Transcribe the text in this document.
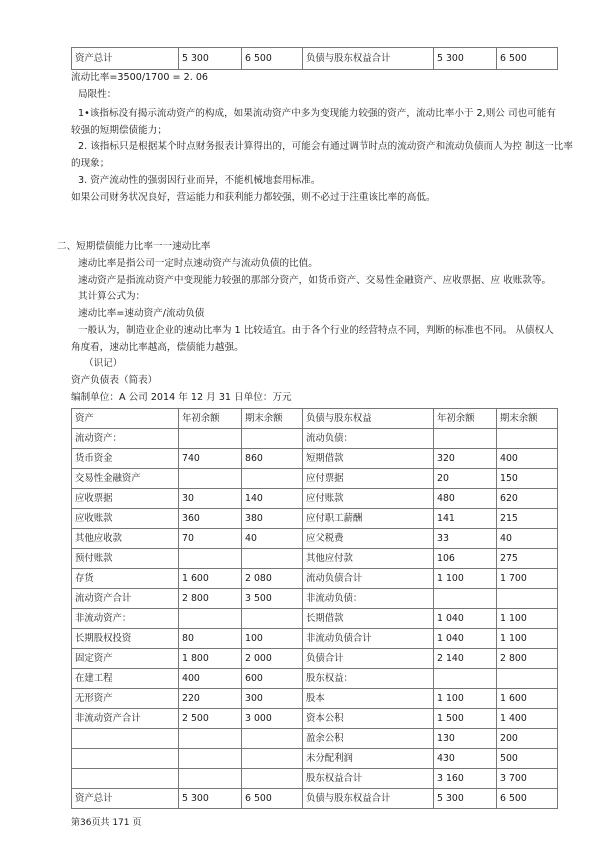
资产总计	5 300	6 500	负债与股东权益合计	5 300	6 500
流动比率=3500/1700 = 2. 06
局限性：
1•该指标没有揭示流动资产的构成，如果流动资产中多为变现能力较强的资产，流动比率小于 2,则公 司也可能有
较强的短期偿债能力；
2. 该指标只是根据某个时点财务报表计算得出的，可能会有通过调节时点的流动资产和流动负债而人为控 制这一比率
的现象；
3. 资产流动性的强弱因行业而异，不能机械地套用标准。
如果公司财务状况良好，营运能力和获利能力都较强，则不必过于注重该比率的高低。
二、短期偿债能力比率一一速动比率
速动比率是指公司一定时点速动资产与流动负债的比值。
速动资产是指流动资产中变现能力较强的那部分资产，如货币资产、交易性金融资产、应收票据、应 收账款等。
其计算公式为：
速动比率=速动资产/流动负债
一般认为，制造业企业的速动比率为 1 比较适宜。由于各个行业的经营特点不同，判断的标准也不同。 从债权人
角度看，速动比率越高，偿债能力越强。
（识记）
资产负债表（简表）
编制单位：A 公司 2014 年 12 月 31 日单位：万元
资产	年初余额	期末余额	负债与股东权益	年初余额	期末余额
流动资产：			流动负债：		
货币资金	740	860	短期借款	320	400
交易性金融资产			应付票据	20	150
应收票据	30	140	应付账款	480	620
应收账款	360	380	应付职工薪酬	141	215
其他应收款	70	40	应父税费	33	40
预付账款			其他应付款	106	275
存货	1 600	2 080	流动负债合计	1 100	1 700
流动资产合计	2 800	3 500	非流动负债：		
非流动资产：			长期借款	1 040	1 100
长期股权投资	80	100	非流动负债合计	1 040	1 100
固定资产	1 800	2 000	负债合计	2 140	2 800
在建工程	400	600	股东权益：		
无形资产	220	300	股本	1 100	1 600
非流动资产合计	2 500	3 000	资本公积	1 500	1 400
			盈余公积	130	200
			未分配利润	430	500
			股东权益合计	3 160	3 700
资产总计	5 300	6 500	负债与股东权益合计	5 300	6 500
第36页共 171 页
